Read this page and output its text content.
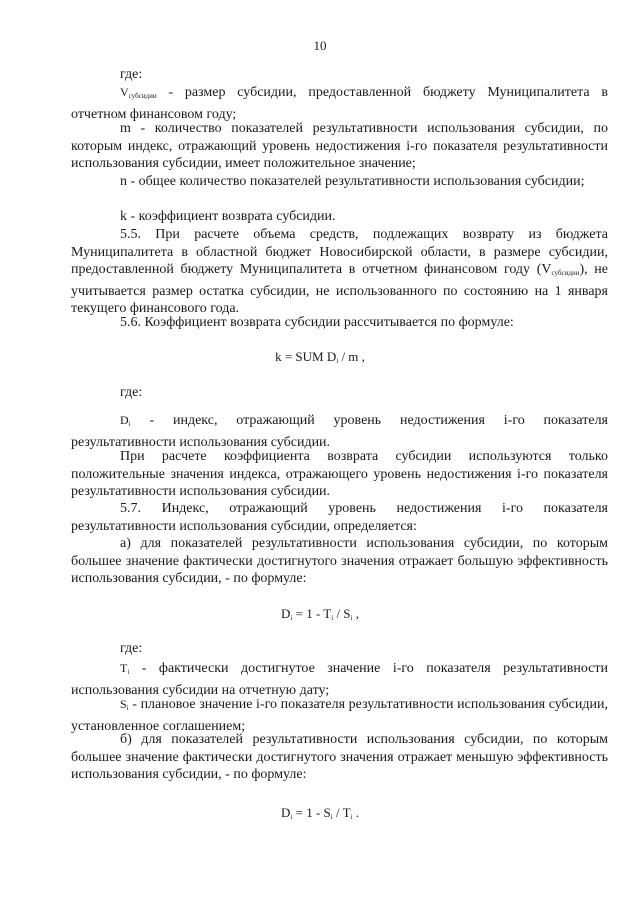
10
где:
$V_{субсидии}$ - размер субсидии, предоставленной бюджету Муниципалитета в отчетном финансовом году;
m - количество показателей результативности использования субсидии, по которым индекс, отражающий уровень недостижения i-го показателя результативности использования субсидии, имеет положительное значение;
n - общее количество показателей результативности использования субсидии;
k - коэффициент возврата субсидии.
5.5. При расчете объема средств, подлежащих возврату из бюджета Муниципалитета в областной бюджет Новосибирской области, в размере субсидии, предоставленной бюджету Муниципалитета в отчетном финансовом году $(V_{субсидии})$, не учитывается размер остатка субсидии, не использованного по состоянию на 1 января текущего финансового года.
5.6. Коэффициент возврата субсидии рассчитывается по формуле:
k = SUM $D_i$ / m ,
где:
$D_i$ - индекс, отражающий уровень недостижения i-го показателя результативности использования субсидии.
При расчете коэффициента возврата субсидии используются только положительные значения индекса, отражающего уровень недостижения i-го показателя результативности использования субсидии.
5.7. Индекс, отражающий уровень недостижения i-го показателя результативности использования субсидии, определяется:
а) для показателей результативности использования субсидии, по которым большее значение фактически достигнутого значения отражает большую эффективность использования субсидии, - по формуле:
$D_i = 1 - T_i / S_i$ ,
где:
$T_i$ - фактически достигнутое значение i-го показателя результативности использования субсидии на отчетную дату;
$S_i$ - плановое значение i-го показателя результативности использования субсидии, установленное соглашением;
б) для показателей результативности использования субсидии, по которым большее значение фактически достигнутого значения отражает меньшую эффективность использования субсидии, - по формуле:
$D_i = 1 - S_i / T_i$ .
